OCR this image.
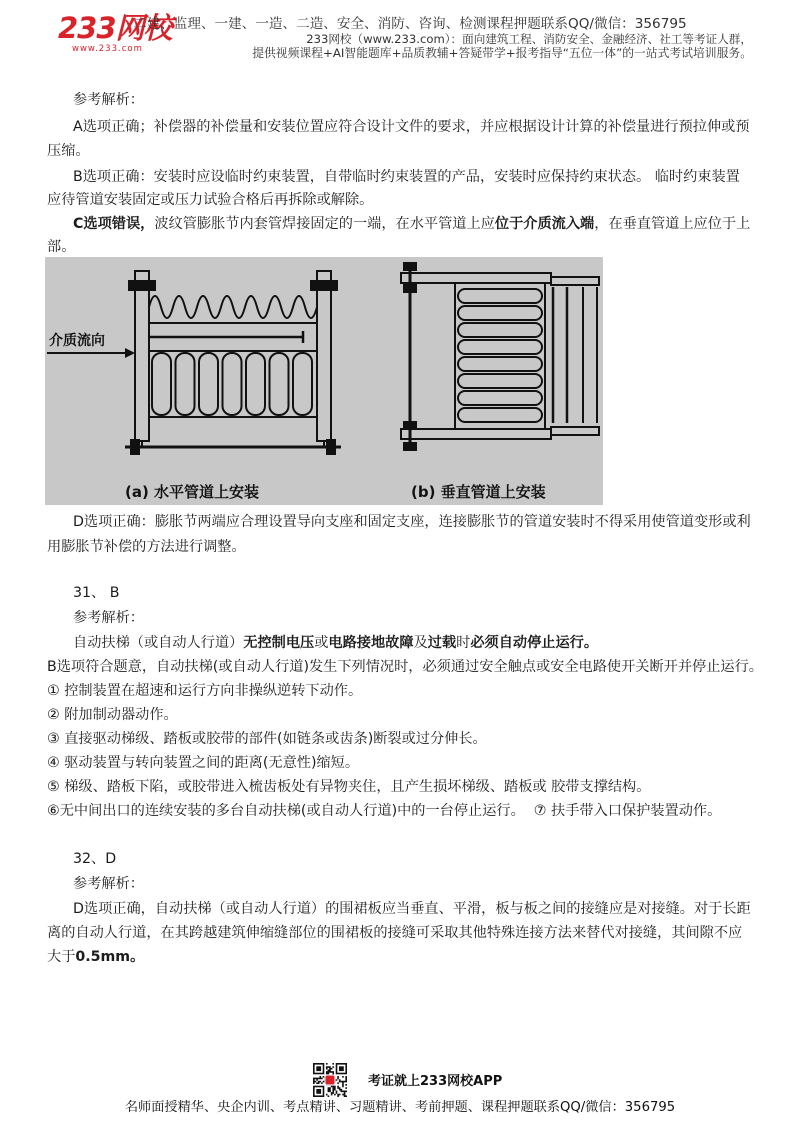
233网校
www.233.com
二建、监理、一建、一造、二造、安全、消防、咨询、检测课程押题联系QQ/微信：356795
233网校（www.233.com）：面向建筑工程、消防安全、金融经济、社工等考证人群，
提供视频课程+AI智能题库+品质教辅+答疑带学+报考指导“五位一体”的一站式考试培训服务。

参考解析：

A选项正确；补偿器的补偿量和安装位置应符合设计文件的要求，并应根据设计计算的补偿量进行预拉伸或预压缩。

B选项正确：安装时应设临时约束装置，自带临时约束装置的产品，安装时应保持约束状态。 临时约束装置应待管道安装固定或压力试验合格后再拆除或解除。

C选项错误，波纹管膨胀节内套管焊接固定的一端，在水平管道上应位于介质流入端，在垂直管道上应位于上部。

介质流向
(a) 水平管道上安装	(b) 垂直管道上安装

D选项正确：膨胀节两端应合理设置导向支座和固定支座，连接膨胀节的管道安装时不得采用使管道变形或利用膨胀节补偿的方法进行调整。

31、 B

参考解析：

自动扶梯（或自动人行道）无控制电压或电路接地故障及过载时必须自动停止运行。

B选项符合题意，自动扶梯(或自动人行道)发生下列情况时，必须通过安全触点或安全电路使开关断开并停止运行。

① 控制装置在超速和运行方向非操纵逆转下动作。

② 附加制动器动作。

③ 直接驱动梯级、踏板或胶带的部件(如链条或齿条)断裂或过分伸长。

④ 驱动装置与转向装置之间的距离(无意性)缩短。

⑤ 梯级、踏板下陷，或胶带进入梳齿板处有异物夹住，且产生损坏梯级、踏板或 胶带支撑结构。

⑥无中间出口的连续安装的多台自动扶梯(或自动人行道)中的一台停止运行。 ⑦ 扶手带入口保护装置动作。

32、D

参考解析：

D选项正确，自动扶梯（或自动人行道）的围裙板应当垂直、平滑，板与板之间的接缝应是对接缝。对于长距离的自动人行道，在其跨越建筑伸缩缝部位的围裙板的接缝可采取其他特殊连接方法来替代对接缝，其间隙不应大于0.5mm。

考证就上233网校APP
名师面授精华、央企内训、考点精讲、习题精讲、考前押题、课程押题联系QQ/微信：356795
